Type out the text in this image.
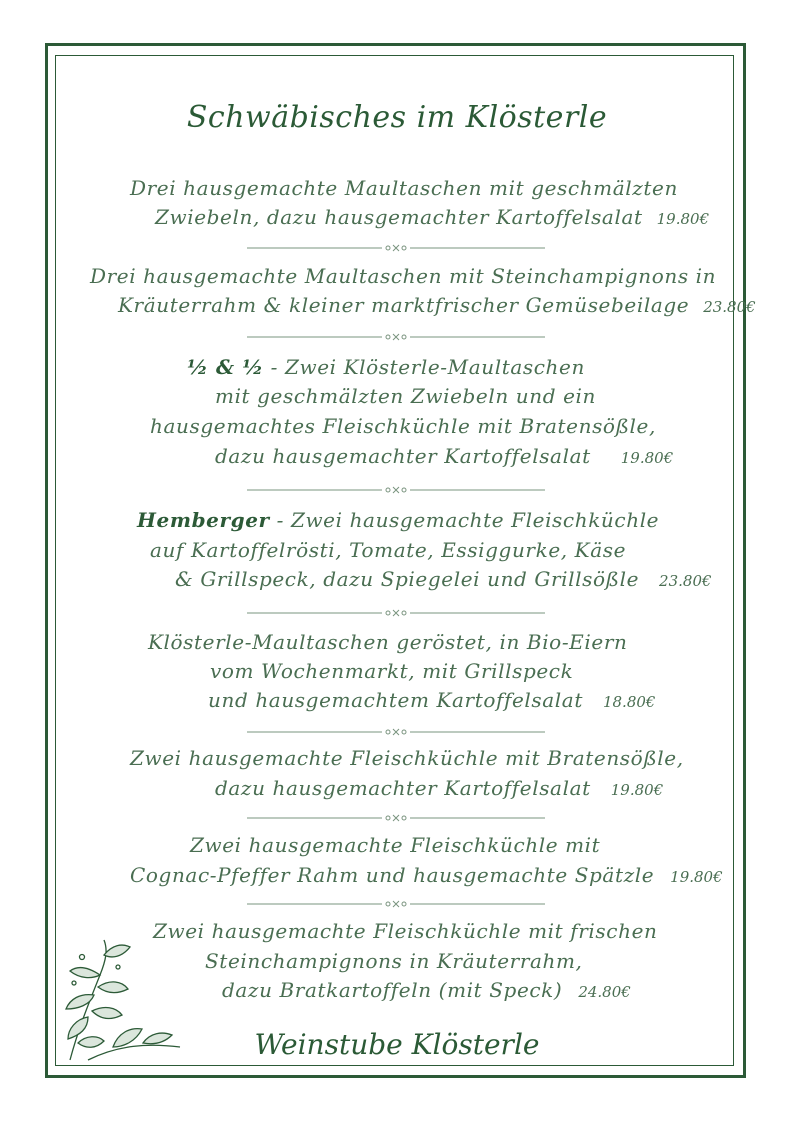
Schwäbisches im Klösterle
Drei hausgemachte Maultaschen mit geschmälzten
Zwiebeln, dazu hausgemachter Kartoffelsalat 19.80€
Drei hausgemachte Maultaschen mit Steinchampignons in
Kräuterrahm & kleiner marktfrischer Gemüsebeilage 23.80€
½ & ½ - Zwei Klösterle-Maultaschen
mit geschmälzten Zwiebeln und ein
hausgemachtes Fleischküchle mit Bratensößle,
dazu hausgemachter Kartoffelsalat 19.80€
Hemberger - Zwei hausgemachte Fleischküchle
auf Kartoffelrösti, Tomate, Essiggurke, Käse
& Grillspeck, dazu Spiegelei und Grillsößle 23.80€
Klösterle-Maultaschen geröstet, in Bio-Eiern
vom Wochenmarkt, mit Grillspeck
und hausgemachtem Kartoffelsalat 18.80€
Zwei hausgemachte Fleischküchle mit Bratensößle,
dazu hausgemachter Kartoffelsalat 19.80€
Zwei hausgemachte Fleischküchle mit
Cognac-Pfeffer Rahm und hausgemachte Spätzle 19.80€
Zwei hausgemachte Fleischküchle mit frischen
Steinchampignons in Kräuterrahm,
dazu Bratkartoffeln (mit Speck) 24.80€
Weinstube Klösterle
